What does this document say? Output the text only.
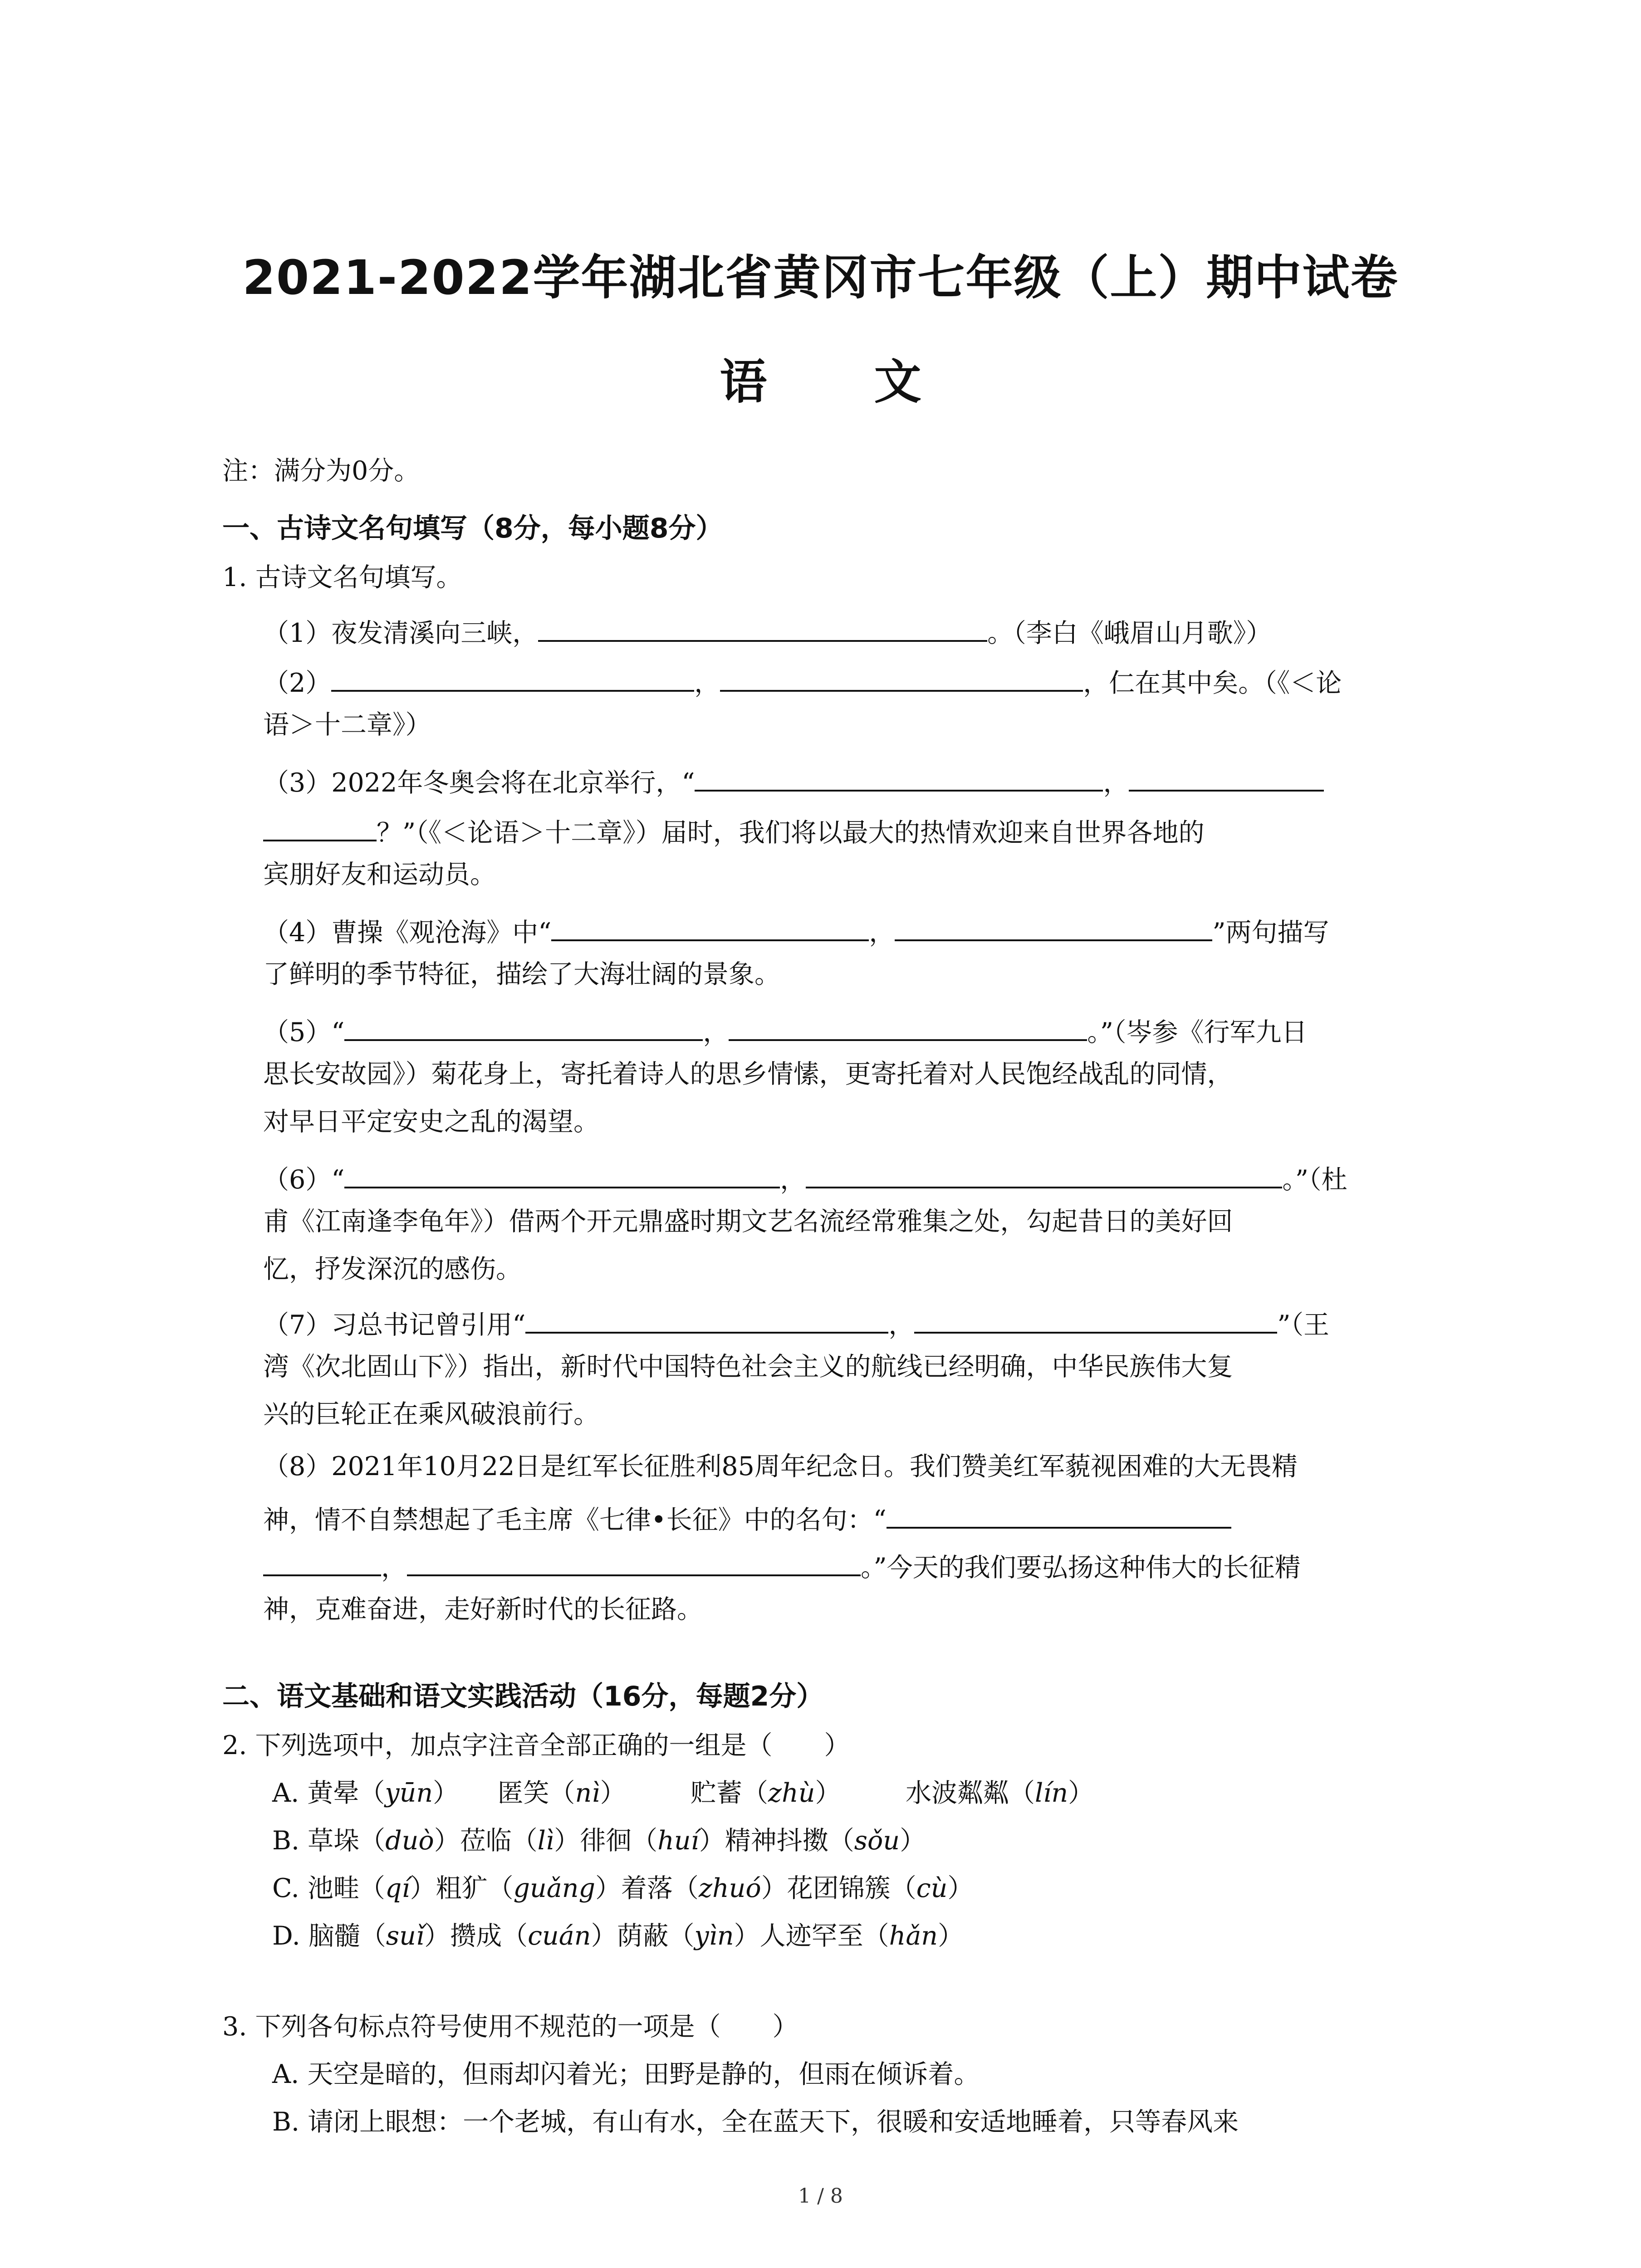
2021-2022学年湖北省黄冈市七年级（上）期中试卷
语 文
注：满分为0分。
一、古诗文名句填写（8分，每小题8分）
1. 古诗文名句填写。
（1）夜发清溪向三峡，	。（李白《峨眉山月歌》）
（2）	，	，仁在其中矣。（《＜论
语＞十二章》）
（3）2022年冬奥会将在北京举行，“	，
？”（《＜论语＞十二章》）届时，我们将以最大的热情欢迎来自世界各地的
宾朋好友和运动员。
（4）曹操《观沧海》中“	，	”两句描写
了鲜明的季节特征，描绘了大海壮阔的景象。
（5）“	，	。”（岑参《行军九日
思长安故园》）菊花身上，寄托着诗人的思乡情愫，更寄托着对人民饱经战乱的同情，
对早日平定安史之乱的渴望。
（6）“	，	。”（杜
甫《江南逢李龟年》）借两个开元鼎盛时期文艺名流经常雅集之处，勾起昔日的美好回
忆，抒发深沉的感伤。
（7）习总书记曾引用“	，	”（王
湾《次北固山下》）指出，新时代中国特色社会主义的航线已经明确，中华民族伟大复
兴的巨轮正在乘风破浪前行。
（8）2021年10月22日是红军长征胜利85周年纪念日。我们赞美红军藐视困难的大无畏精
神，情不自禁想起了毛主席《七律•长征》中的名句：“
，	。”今天的我们要弘扬这种伟大的长征精
神，克难奋进，走好新时代的长征路。
二、语文基础和语文实践活动（16分，每题2分）
2. 下列选项中，加点字注音全部正确的一组是（　　）
A. 黄晕（yūn）　　匿笑（nì）　　　贮蓄（zhù）　　　水波粼粼（lín）
B. 草垛（duò）莅临（lì）徘徊（huí）精神抖擞（sǒu）
C. 池畦（qí）粗犷（guǎng）着落（zhuó）花团锦簇（cù）
D. 脑髓（suǐ）攒成（cuán）荫蔽（yìn）人迹罕至（hǎn）
3. 下列各句标点符号使用不规范的一项是（　　）
A. 天空是暗的，但雨却闪着光；田野是静的，但雨在倾诉着。
B. 请闭上眼想：一个老城，有山有水，全在蓝天下，很暖和安适地睡着，只等春风来
1 / 8
